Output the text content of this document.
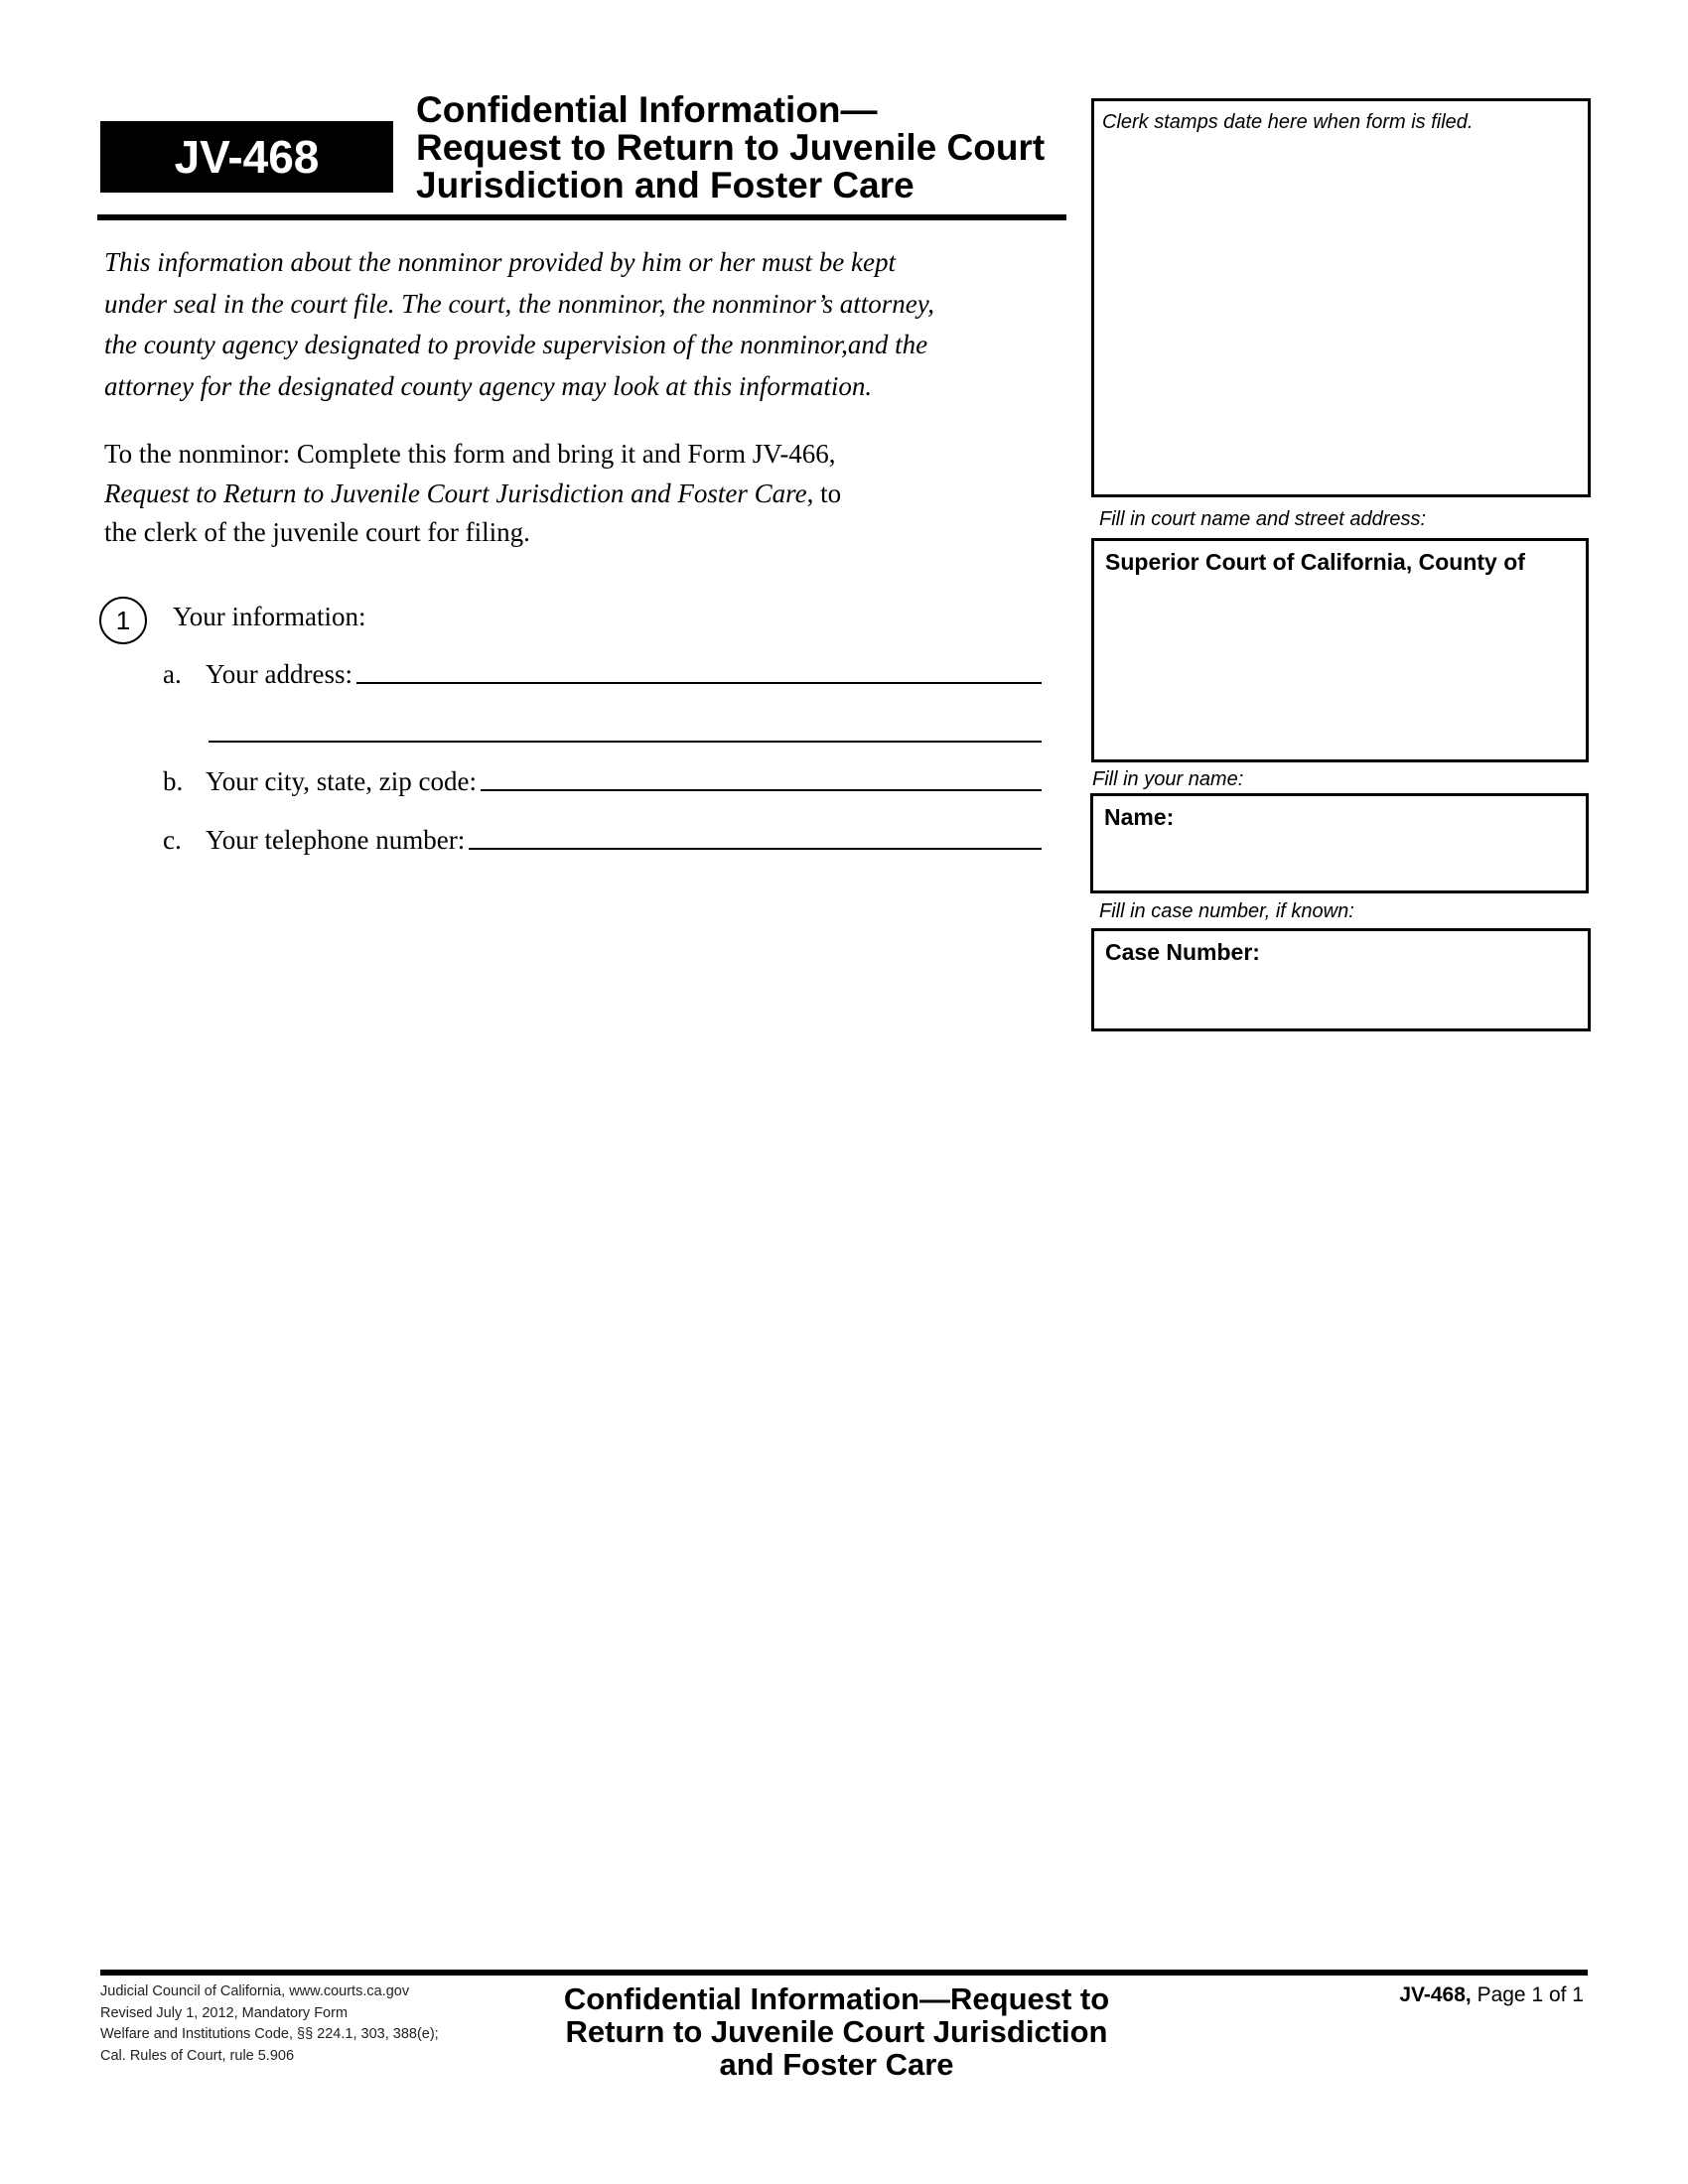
JV-468
Confidential Information—
Request to Return to Juvenile Court
Jurisdiction and Foster Care
Clerk stamps date here when form is filed.
Fill in court name and street address:
Superior Court of California, County of
Fill in your name:
Name:
Fill in case number, if known:
Case Number:
This information about the nonminor provided by him or her must be kept
under seal in the court file. The court, the nonminor, the nonminor’s attorney,
the county agency designated to provide supervision of the nonminor,and the
attorney for the designated county agency may look at this information.
To the nonminor: Complete this form and bring it and Form JV-466,
Request to Return to Juvenile Court Jurisdiction and Foster Care, to
the clerk of the juvenile court for filing.
1 Your information:
a. Your address:
b. Your city, state, zip code:
c. Your telephone number:
Judicial Council of California, www.courts.ca.gov
Revised July 1, 2012, Mandatory Form
Welfare and Institutions Code, §§ 224.1, 303, 388(e);
Cal. Rules of Court, rule 5.906
Confidential Information—Request to
Return to Juvenile Court Jurisdiction
and Foster Care
JV-468, Page 1 of 1
